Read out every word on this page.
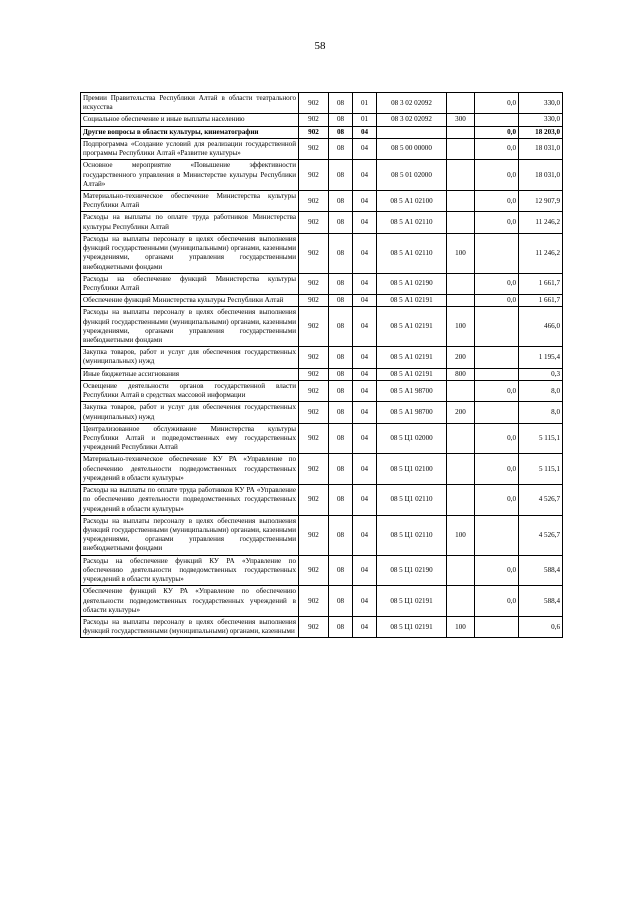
58
Премии Правительства Республики Алтай в области театрального искусства	902	08	01	08 3 02 02092		0,0	330,0
Социальное обеспечение и иные выплаты населению	902	08	01	08 3 02 02092	300		330,0
Другие вопросы в области культуры, кинематографии	902	08	04			0,0	18 203,0
Подпрограмма «Создание условий для реализации государственной программы Республики Алтай «Развитие культуры»	902	08	04	08 5 00 00000		0,0	18 031,0
Основное мероприятие «Повышение эффективности государственного управления в Министерстве культуры Республики Алтай»	902	08	04	08 5 01 02000		0,0	18 031,0
Материально-техническое обеспечение Министерства культуры Республики Алтай	902	08	04	08 5 А1 02100		0,0	12 907,9
Расходы на выплаты по оплате труда работников Министерства культуры Республики Алтай	902	08	04	08 5 А1 02110		0,0	11 246,2
Расходы на выплаты персоналу в целях обеспечения выполнения функций государственными (муниципальными) органами, казенными учреждениями, органами управления государственными внебюджетными фондами	902	08	04	08 5 А1 02110	100		11 246,2
Расходы на обеспечение функций Министерства культуры Республики Алтай	902	08	04	08 5 А1 02190		0,0	1 661,7
Обеспечение функций Министерства культуры Республики Алтай	902	08	04	08 5 А1 02191		0,0	1 661,7
Расходы на выплаты персоналу в целях обеспечения выполнения функций государственными (муниципальными) органами, казенными учреждениями, органами управления государственными внебюджетными фондами	902	08	04	08 5 А1 02191	100		466,0
Закупка товаров, работ и услуг для обеспечения государственных (муниципальных) нужд	902	08	04	08 5 А1 02191	200		1 195,4
Иные бюджетные ассигнования	902	08	04	08 5 А1 02191	800		0,3
Освещение деятельности органов государственной власти Республики Алтай в средствах массовой информации	902	08	04	08 5 А1 98700		0,0	8,0
Закупка товаров, работ и услуг для обеспечения государственных (муниципальных) нужд	902	08	04	08 5 А1 98700	200		8,0
Централизованное обслуживание Министерства культуры Республики Алтай и подведомственных ему государственных учреждений Республики Алтай	902	08	04	08 5 Ц1 02000		0,0	5 115,1
Материально-техническое обеспечение КУ РА «Управление по обеспечению деятельности подведомственных государственных учреждений в области культуры»	902	08	04	08 5 Ц1 02100		0,0	5 115,1
Расходы на выплаты по оплате труда работников КУ РА «Управление по обеспечению деятельности подведомственных государственных учреждений в области культуры»	902	08	04	08 5 Ц1 02110		0,0	4 526,7
Расходы на выплаты персоналу в целях обеспечения выполнения функций государственными (муниципальными) органами, казенными учреждениями, органами управления государственными внебюджетными фондами	902	08	04	08 5 Ц1 02110	100		4 526,7
Расходы на обеспечение функций КУ РА «Управление по обеспечению деятельности подведомственных государственных учреждений в области культуры»	902	08	04	08 5 Ц1 02190		0,0	588,4
Обеспечение функций КУ РА «Управление по обеспечению деятельности подведомственных государственных учреждений в области культуры»	902	08	04	08 5 Ц1 02191		0,0	588,4
Расходы на выплаты персоналу в целях обеспечения выполнения функций государственными (муниципальными) органами, казенными	902	08	04	08 5 Ц1 02191	100		0,6
